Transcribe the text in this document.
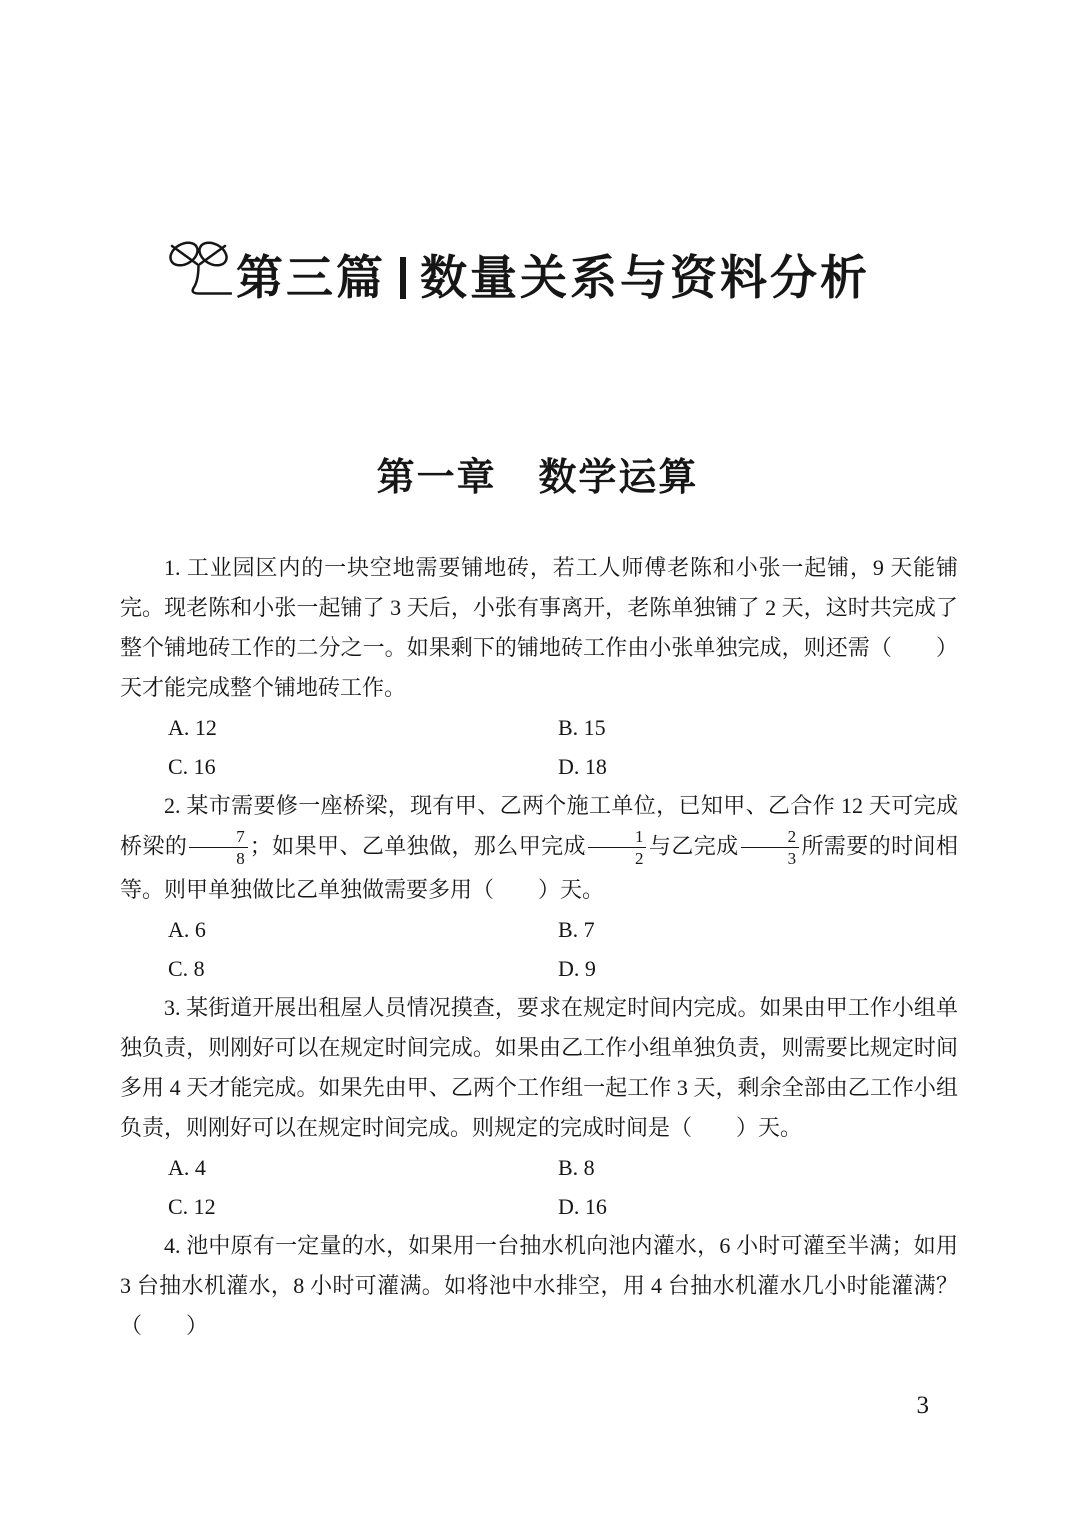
第三篇 数量关系与资料分析
第一章 数学运算

1. 工业园区内的一块空地需要铺地砖，若工人师傅老陈和小张一起铺，9 天能铺完。现老陈和小张一起铺了 3 天后，小张有事离开，老陈单独铺了 2 天，这时共完成了整个铺地砖工作的二分之一。如果剩下的铺地砖工作由小张单独完成，则还需（　　）天才能完成整个铺地砖工作。

A. 12	B. 15
C. 16	D. 18

2. 某市需要修一座桥梁，现有甲、乙两个施工单位，已知甲、乙合作 12 天可完成桥梁的 $\frac{7}{8}$ ；如果甲、乙单独做，那么甲完成 $\frac{1}{2}$ 与乙完成 $\frac{2}{3}$ 所需要的时间相等。则甲单独做比乙单独做需要多用（　　）天。

A. 6	B. 7
C. 8	D. 9

3. 某街道开展出租屋人员情况摸查，要求在规定时间内完成。如果由甲工作小组单独负责，则刚好可以在规定时间完成。如果由乙工作小组单独负责，则需要比规定时间多用 4 天才能完成。如果先由甲、乙两个工作组一起工作 3 天，剩余全部由乙工作小组负责，则刚好可以在规定时间完成。则规定的完成时间是（　　）天。

A. 4	B. 8
C. 12	D. 16

4. 池中原有一定量的水，如果用一台抽水机向池内灌水，6 小时可灌至半满；如用 3 台抽水机灌水，8 小时可灌满。如将池中水排空，用 4 台抽水机灌水几小时能灌满？（　　）

3
